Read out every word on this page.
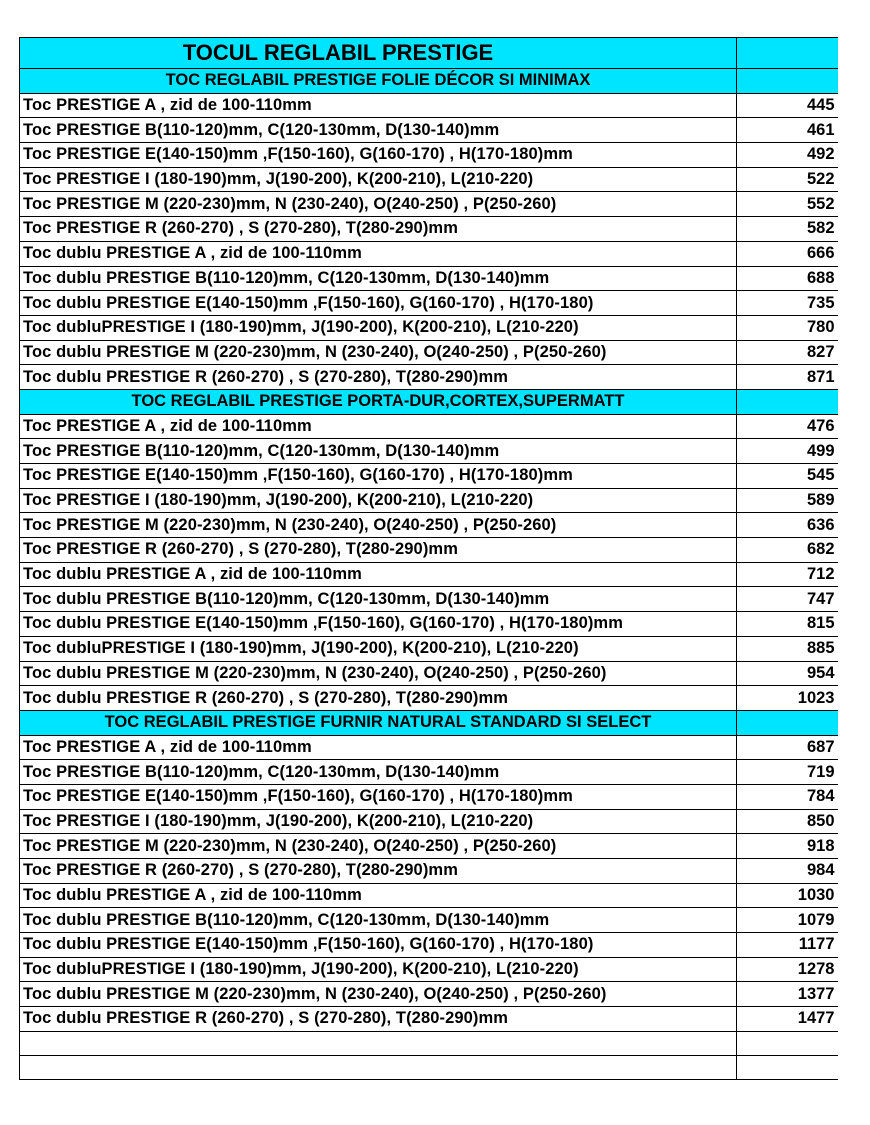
TOCUL REGLABIL PRESTIGE	
TOC REGLABIL PRESTIGE FOLIE DÉCOR SI MINIMAX	
Toc PRESTIGE A , zid de 100-110mm	445
Toc PRESTIGE B(110-120)mm, C(120-130mm, D(130-140)mm	461
Toc PRESTIGE E(140-150)mm ,F(150-160), G(160-170) , H(170-180)mm	492
Toc PRESTIGE I (180-190)mm, J(190-200), K(200-210), L(210-220)	522
Toc PRESTIGE M (220-230)mm, N (230-240), O(240-250) , P(250-260)	552
Toc PRESTIGE R (260-270) , S (270-280), T(280-290)mm	582
Toc dublu PRESTIGE A , zid de 100-110mm	666
Toc dublu PRESTIGE B(110-120)mm, C(120-130mm, D(130-140)mm	688
Toc dublu PRESTIGE E(140-150)mm ,F(150-160), G(160-170) , H(170-180)	735
Toc dubluPRESTIGE I (180-190)mm, J(190-200), K(200-210), L(210-220)	780
Toc dublu PRESTIGE M (220-230)mm, N (230-240), O(240-250) , P(250-260)	827
Toc dublu PRESTIGE R (260-270) , S (270-280), T(280-290)mm	871
TOC REGLABIL PRESTIGE PORTA-DUR,CORTEX,SUPERMATT	
Toc PRESTIGE A , zid de 100-110mm	476
Toc PRESTIGE B(110-120)mm, C(120-130mm, D(130-140)mm	499
Toc PRESTIGE E(140-150)mm ,F(150-160), G(160-170) , H(170-180)mm	545
Toc PRESTIGE I (180-190)mm, J(190-200), K(200-210), L(210-220)	589
Toc PRESTIGE M (220-230)mm, N (230-240), O(240-250) , P(250-260)	636
Toc PRESTIGE R (260-270) , S (270-280), T(280-290)mm	682
Toc dublu PRESTIGE A , zid de 100-110mm	712
Toc dublu PRESTIGE B(110-120)mm, C(120-130mm, D(130-140)mm	747
Toc dublu PRESTIGE E(140-150)mm ,F(150-160), G(160-170) , H(170-180)mm	815
Toc dubluPRESTIGE I (180-190)mm, J(190-200), K(200-210), L(210-220)	885
Toc dublu PRESTIGE M (220-230)mm, N (230-240), O(240-250) , P(250-260)	954
Toc dublu PRESTIGE R (260-270) , S (270-280), T(280-290)mm	1023
TOC REGLABIL PRESTIGE FURNIR NATURAL STANDARD SI SELECT	
Toc PRESTIGE A , zid de 100-110mm	687
Toc PRESTIGE B(110-120)mm, C(120-130mm, D(130-140)mm	719
Toc PRESTIGE E(140-150)mm ,F(150-160), G(160-170) , H(170-180)mm	784
Toc PRESTIGE I (180-190)mm, J(190-200), K(200-210), L(210-220)	850
Toc PRESTIGE M (220-230)mm, N (230-240), O(240-250) , P(250-260)	918
Toc PRESTIGE R (260-270) , S (270-280), T(280-290)mm	984
Toc dublu PRESTIGE A , zid de 100-110mm	1030
Toc dublu PRESTIGE B(110-120)mm, C(120-130mm, D(130-140)mm	1079
Toc dublu PRESTIGE E(140-150)mm ,F(150-160), G(160-170) , H(170-180)	1177
Toc dubluPRESTIGE I (180-190)mm, J(190-200), K(200-210), L(210-220)	1278
Toc dublu PRESTIGE M (220-230)mm, N (230-240), O(240-250) , P(250-260)	1377
Toc dublu PRESTIGE R (260-270) , S (270-280), T(280-290)mm	1477
